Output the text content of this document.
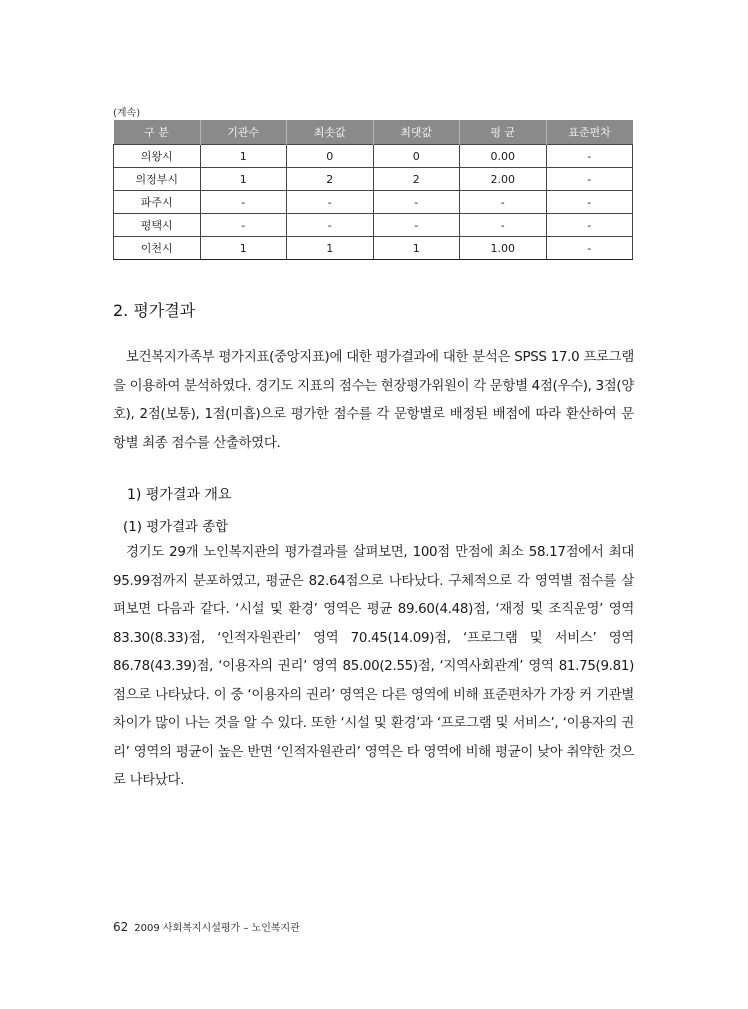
(계속)
구 분	기관수	최솟값	최댓값	평 균	표준편차
의왕시	1	0	0	0.00	-
의정부시	1	2	2	2.00	-
파주시	-	-	-	-	-
평택시	-	-	-	-	-
이천시	1	1	1	1.00	-
2. 평가결과

보건복지가족부 평가지표(중앙지표)에 대한 평가결과에 대한 분석은 SPSS 17.0 프로그램을 이용하여 분석하였다. 경기도 지표의 점수는 현장평가위원이 각 문항별 4점(우수), 3점(양호), 2점(보통), 1점(미흡)으로 평가한 점수를 각 문항별로 배정된 배점에 따라 환산하여 문항별 최종 점수를 산출하였다.

1) 평가결과 개요
(1) 평가결과 종합

경기도 29개 노인복지관의 평가결과를 살펴보면, 100점 만점에 최소 58.17점에서 최대 95.99점까지 분포하였고, 평균은 82.64점으로 나타났다. 구체적으로 각 영역별 점수를 살펴보면 다음과 같다. ‘시설 및 환경’ 영역은 평균 89.60(4.48)점, ‘재정 및 조직운영’ 영역 83.30(8.33)점, ‘인적자원관리’ 영역 70.45(14.09)점, ‘프로그램 및 서비스’ 영역 86.78(43.39)점, ‘이용자의 권리’ 영역 85.00(2.55)점, ‘지역사회관계’ 영역 81.75(9.81)점으로 나타났다. 이 중 ‘이용자의 권리’ 영역은 다른 영역에 비해 표준편차가 가장 커 기관별 차이가 많이 나는 것을 알 수 있다. 또한 ‘시설 및 환경’과 ‘프로그램 및 서비스’, ‘이용자의 권리’ 영역의 평균이 높은 반면 ‘인적자원관리’ 영역은 타 영역에 비해 평균이 낮아 취약한 것으로 나타났다.

62 2009 사회복지시설평가 – 노인복지관
